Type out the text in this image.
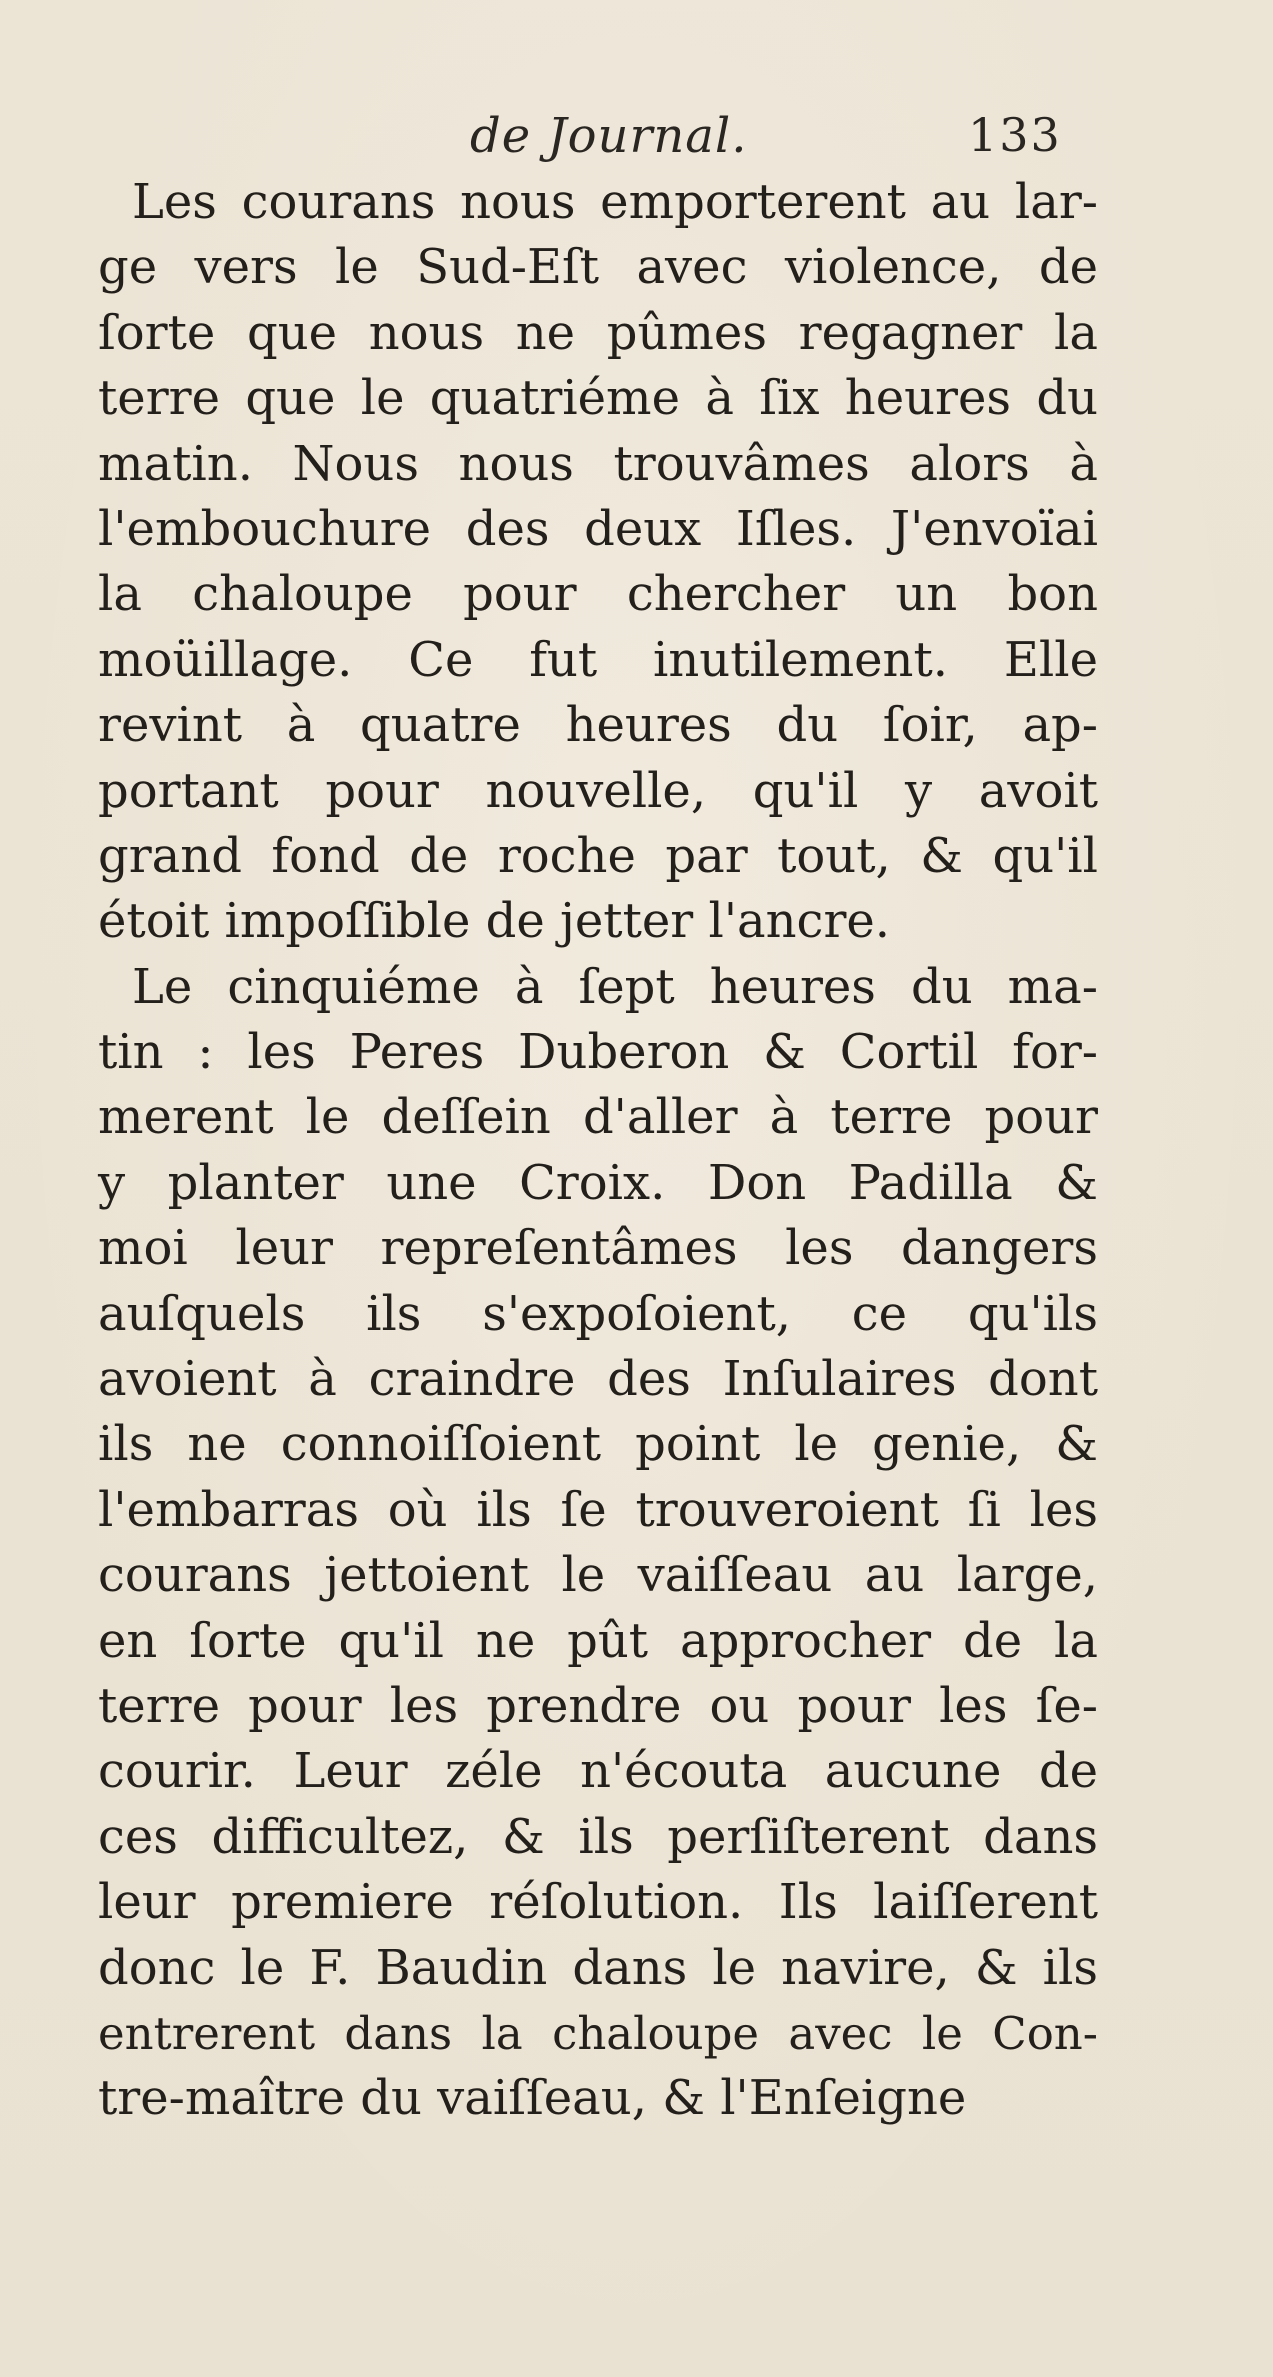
de Journal.	133
Les courans nous emporterent au lar-
ge vers le Sud-Eſt avec violence, de
ſorte que nous ne pûmes regagner la
terre que le quatriéme à ſix heures du
matin. Nous nous trouvâmes alors à
l'embouchure des deux Iſles. J'envoïai
la chaloupe pour chercher un bon
moüillage. Ce fut inutilement. Elle
revint à quatre heures du ſoir, ap-
portant pour nouvelle, qu'il y avoit
grand fond de roche par tout, & qu'il
étoit impoſſible de jetter l'ancre.
Le cinquiéme à ſept heures du ma-
tin : les Peres Duberon & Cortil for-
merent le deſſein d'aller à terre pour
y planter une Croix. Don Padilla &
moi leur repreſentâmes les dangers
auſquels ils s'expoſoient, ce qu'ils
avoient à craindre des Inſulaires dont
ils ne connoiſſoient point le genie, &
l'embarras où ils ſe trouveroient ſi les
courans jettoient le vaiſſeau au large,
en ſorte qu'il ne pût approcher de la
terre pour les prendre ou pour les ſe-
courir. Leur zéle n'écouta aucune de
ces difficultez, & ils perſiſterent dans
leur premiere réſolution. Ils laiſſerent
donc le F. Baudin dans le navire, & ils
entrerent dans la chaloupe avec le Con-
tre-maître du vaiſſeau, & l'Enſeigne
